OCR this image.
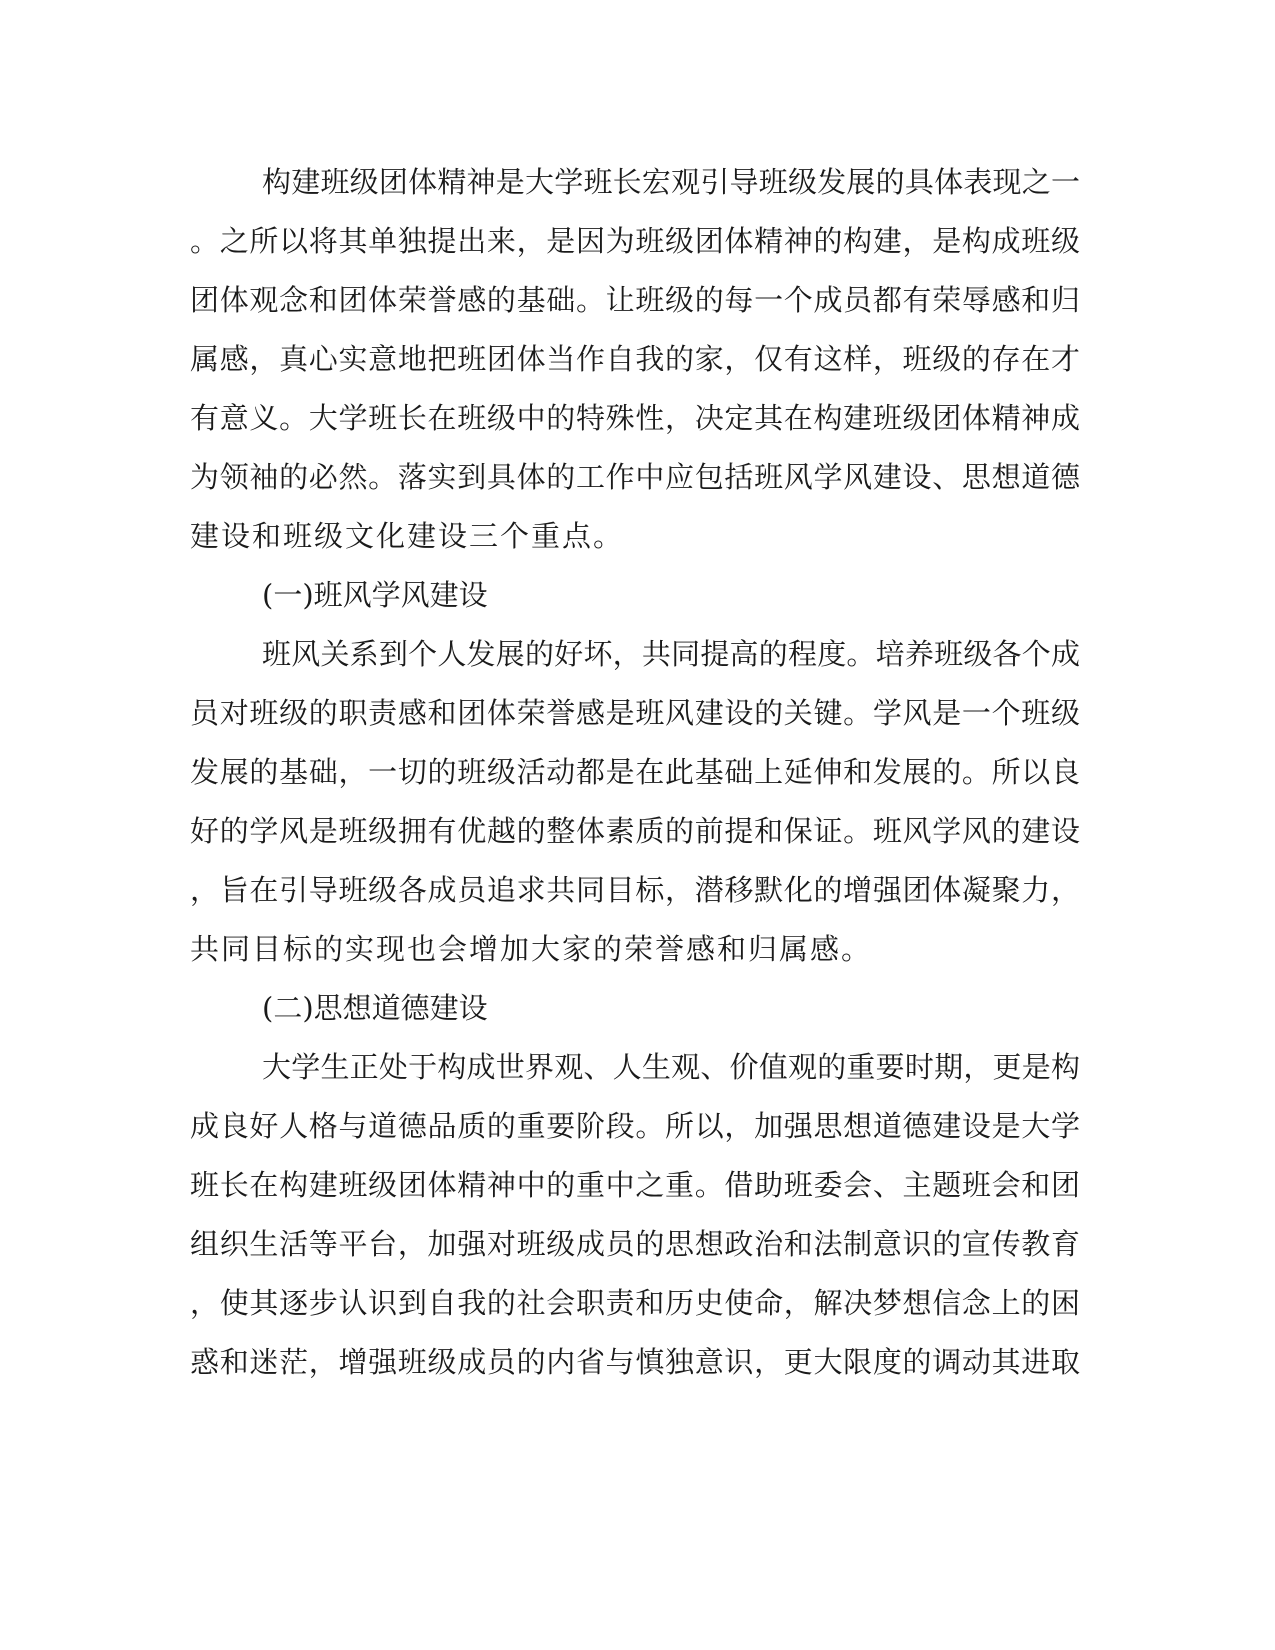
构建班级团体精神是大学班长宏观引导班级发展的具体表现之一
。之所以将其单独提出来，是因为班级团体精神的构建，是构成班级
团体观念和团体荣誉感的基础。让班级的每一个成员都有荣辱感和归
属感，真心实意地把班团体当作自我的家，仅有这样，班级的存在才
有意义。大学班长在班级中的特殊性，决定其在构建班级团体精神成
为领袖的必然。落实到具体的工作中应包括班风学风建设、思想道德
建设和班级文化建设三个重点。
(一)班风学风建设
班风关系到个人发展的好坏，共同提高的程度。培养班级各个成
员对班级的职责感和团体荣誉感是班风建设的关键。学风是一个班级
发展的基础，一切的班级活动都是在此基础上延伸和发展的。所以良
好的学风是班级拥有优越的整体素质的前提和保证。班风学风的建设
，旨在引导班级各成员追求共同目标，潜移默化的增强团体凝聚力，
共同目标的实现也会增加大家的荣誉感和归属感。
(二)思想道德建设
大学生正处于构成世界观、人生观、价值观的重要时期，更是构
成良好人格与道德品质的重要阶段。所以，加强思想道德建设是大学
班长在构建班级团体精神中的重中之重。借助班委会、主题班会和团
组织生活等平台，加强对班级成员的思想政治和法制意识的宣传教育
，使其逐步认识到自我的社会职责和历史使命，解决梦想信念上的困
惑和迷茫，增强班级成员的内省与慎独意识，更大限度的调动其进取
